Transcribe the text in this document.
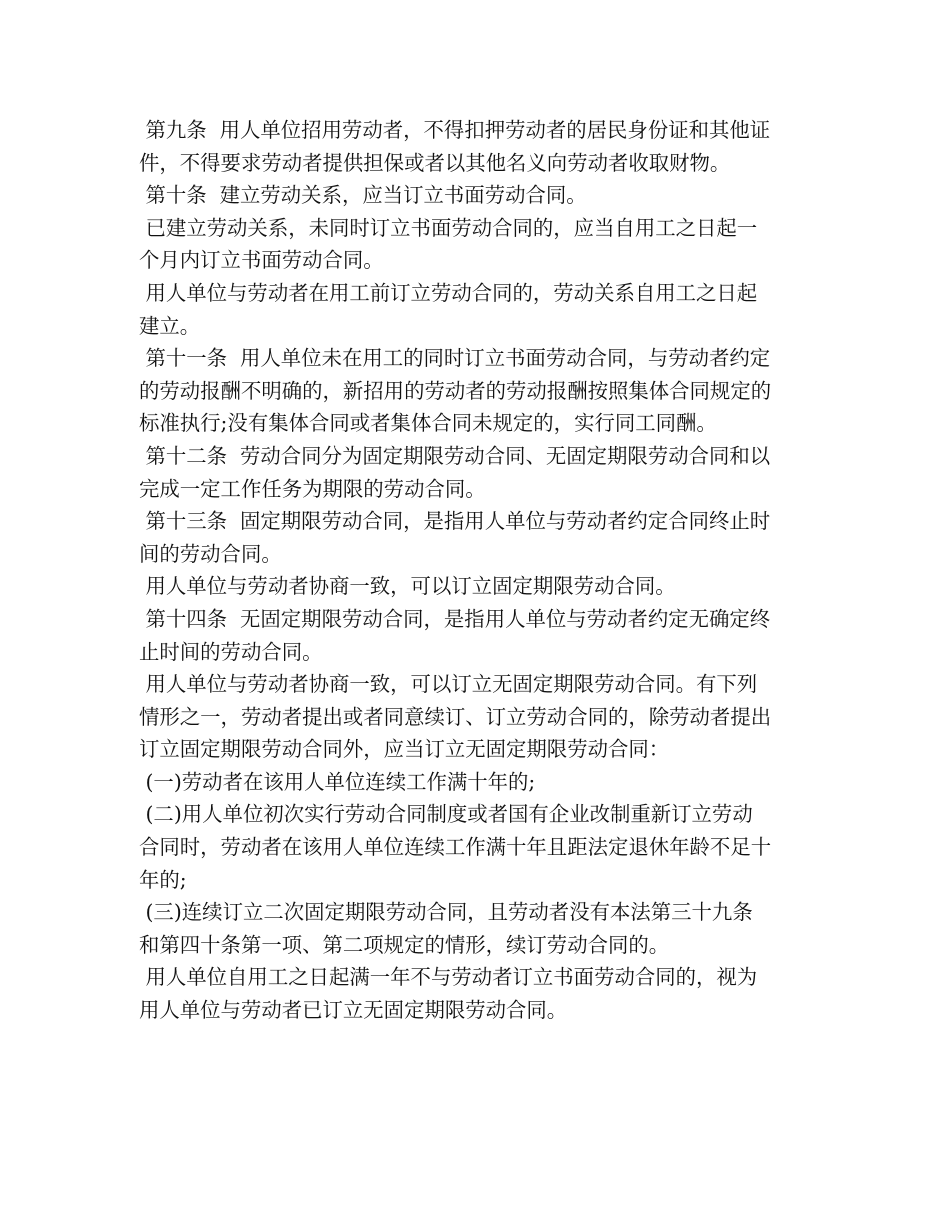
第九条  用人单位招用劳动者，不得扣押劳动者的居民身份证和其他证
件，不得要求劳动者提供担保或者以其他名义向劳动者收取财物。
第十条  建立劳动关系，应当订立书面劳动合同。
已建立劳动关系，未同时订立书面劳动合同的，应当自用工之日起一
个月内订立书面劳动合同。
用人单位与劳动者在用工前订立劳动合同的，劳动关系自用工之日起
建立。
第十一条  用人单位未在用工的同时订立书面劳动合同，与劳动者约定
的劳动报酬不明确的，新招用的劳动者的劳动报酬按照集体合同规定的
标准执行;没有集体合同或者集体合同未规定的，实行同工同酬。
第十二条  劳动合同分为固定期限劳动合同、无固定期限劳动合同和以
完成一定工作任务为期限的劳动合同。
第十三条  固定期限劳动合同，是指用人单位与劳动者约定合同终止时
间的劳动合同。
用人单位与劳动者协商一致，可以订立固定期限劳动合同。
第十四条  无固定期限劳动合同，是指用人单位与劳动者约定无确定终
止时间的劳动合同。
用人单位与劳动者协商一致，可以订立无固定期限劳动合同。有下列
情形之一，劳动者提出或者同意续订、订立劳动合同的，除劳动者提出
订立固定期限劳动合同外，应当订立无固定期限劳动合同：
(一)劳动者在该用人单位连续工作满十年的;
(二)用人单位初次实行劳动合同制度或者国有企业改制重新订立劳动
合同时，劳动者在该用人单位连续工作满十年且距法定退休年龄不足十
年的;
(三)连续订立二次固定期限劳动合同，且劳动者没有本法第三十九条
和第四十条第一项、第二项规定的情形，续订劳动合同的。
用人单位自用工之日起满一年不与劳动者订立书面劳动合同的，视为
用人单位与劳动者已订立无固定期限劳动合同。
